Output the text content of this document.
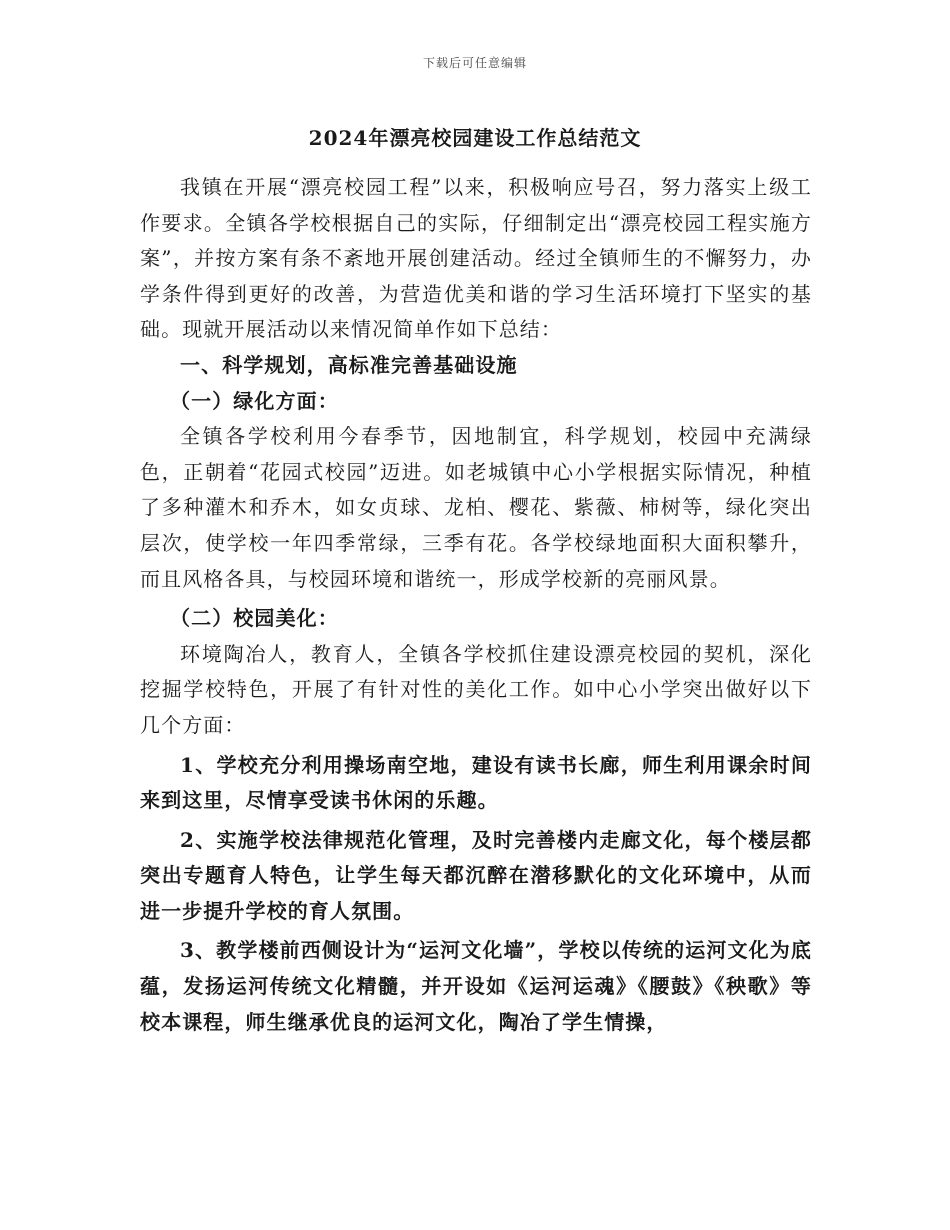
下载后可任意编辑
2024年漂亮校园建设工作总结范文

我镇在开展“漂亮校园工程”以来，积极响应号召，努力落实上级工作要求。全镇各学校根据自己的实际，仔细制定出“漂亮校园工程实施方案”，并按方案有条不紊地开展创建活动。经过全镇师生的不懈努力，办学条件得到更好的改善，为营造优美和谐的学习生活环境打下坚实的基础。现就开展活动以来情况简单作如下总结：

一、科学规划，高标准完善基础设施

（一）绿化方面：

全镇各学校利用今春季节，因地制宜，科学规划，校园中充满绿色，正朝着“花园式校园”迈进。如老城镇中心小学根据实际情况，种植了多种灌木和乔木，如女贞球、龙柏、樱花、紫薇、柿树等，绿化突出层次，使学校一年四季常绿，三季有花。各学校绿地面积大面积攀升，而且风格各具，与校园环境和谐统一，形成学校新的亮丽风景。

（二）校园美化：

环境陶冶人，教育人，全镇各学校抓住建设漂亮校园的契机，深化挖掘学校特色，开展了有针对性的美化工作。如中心小学突出做好以下几个方面：

1、学校充分利用操场南空地，建设有读书长廊，师生利用课余时间来到这里，尽情享受读书休闲的乐趣。

2、实施学校法律规范化管理，及时完善楼内走廊文化，每个楼层都突出专题育人特色，让学生每天都沉醉在潜移默化的文化环境中，从而进一步提升学校的育人氛围。

3、教学楼前西侧设计为“运河文化墙”，学校以传统的运河文化为底蕴，发扬运河传统文化精髓，并开设如《运河运魂》《腰鼓》《秧歌》等校本课程，师生继承优良的运河文化，陶冶了学生情操，
